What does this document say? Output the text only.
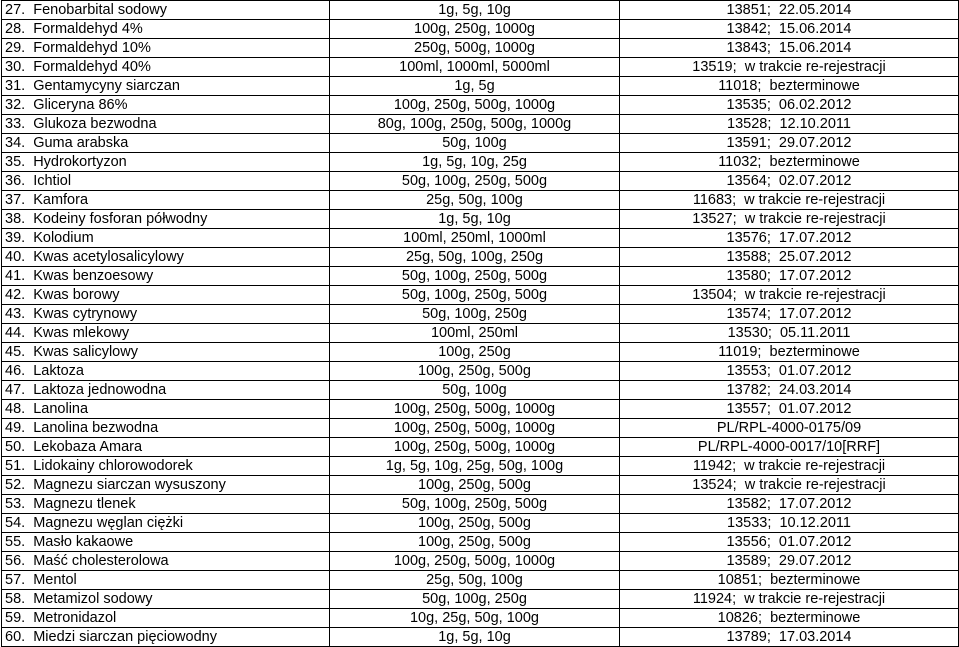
27.  Fenobarbital sodowy	1g, 5g, 10g	13851;  22.05.2014
28.  Formaldehyd 4%	100g, 250g, 1000g	13842;  15.06.2014
29.  Formaldehyd 10%	250g, 500g, 1000g	13843;  15.06.2014
30.  Formaldehyd 40%	100ml, 1000ml, 5000ml	13519;  w trakcie re-rejestracji
31.  Gentamycyny siarczan	1g, 5g	11018;  bezterminowe
32.  Gliceryna 86%	100g, 250g, 500g, 1000g	13535;  06.02.2012
33.  Glukoza bezwodna	80g, 100g, 250g, 500g, 1000g	13528;  12.10.2011
34.  Guma arabska	50g, 100g	13591;  29.07.2012
35.  Hydrokortyzon	1g, 5g, 10g, 25g	11032;  bezterminowe
36.  Ichtiol	50g, 100g, 250g, 500g	13564;  02.07.2012
37.  Kamfora	25g, 50g, 100g	11683;  w trakcie re-rejestracji
38.  Kodeiny fosforan półwodny	1g, 5g, 10g	13527;  w trakcie re-rejestracji
39.  Kolodium	100ml, 250ml, 1000ml	13576;  17.07.2012
40.  Kwas acetylosalicylowy	25g, 50g, 100g, 250g	13588;  25.07.2012
41.  Kwas benzoesowy	50g, 100g, 250g, 500g	13580;  17.07.2012
42.  Kwas borowy	50g, 100g, 250g, 500g	13504;  w trakcie re-rejestracji
43.  Kwas cytrynowy	50g, 100g, 250g	13574;  17.07.2012
44.  Kwas mlekowy	100ml, 250ml	13530;  05.11.2011
45.  Kwas salicylowy	100g, 250g	11019;  bezterminowe
46.  Laktoza	100g, 250g, 500g	13553;  01.07.2012
47.  Laktoza jednowodna	50g, 100g	13782;  24.03.2014
48.  Lanolina	100g, 250g, 500g, 1000g	13557;  01.07.2012
49.  Lanolina bezwodna	100g, 250g, 500g, 1000g	PL/RPL-4000-0175/09
50.  Lekobaza Amara	100g, 250g, 500g, 1000g	PL/RPL-4000-0017/10[RRF]
51.  Lidokainy chlorowodorek	1g, 5g, 10g, 25g, 50g, 100g	11942;  w trakcie re-rejestracji
52.  Magnezu siarczan wysuszony	100g, 250g, 500g	13524;  w trakcie re-rejestracji
53.  Magnezu tlenek	50g, 100g, 250g, 500g	13582;  17.07.2012
54.  Magnezu węglan ciężki	100g, 250g, 500g	13533;  10.12.2011
55.  Masło kakaowe	100g, 250g, 500g	13556;  01.07.2012
56.  Maść cholesterolowa	100g, 250g, 500g, 1000g	13589;  29.07.2012
57.  Mentol	25g, 50g, 100g	10851;  bezterminowe
58.  Metamizol sodowy	50g, 100g, 250g	11924;  w trakcie re-rejestracji
59.  Metronidazol	10g, 25g, 50g, 100g	10826;  bezterminowe
60.  Miedzi siarczan pięciowodny	1g, 5g, 10g	13789;  17.03.2014
